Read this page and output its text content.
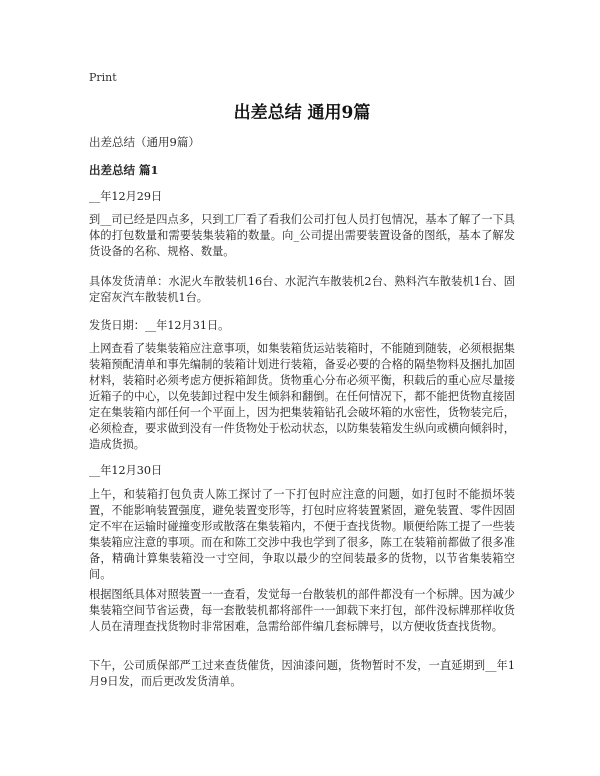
Print
出差总结 通用9篇

出差总结（通用9篇）

出差总结 篇1

__年12月29日

到__司已经是四点多，只到工厂看了看我们公司打包人员打包情况，基本了解了一下具体的打包数量和需要装集装箱的数量。向_公司提出需要装置设备的图纸，基本了解发货设备的名称、规格、数量。

具体发货清单：水泥火车散装机16台、水泥汽车散装机2台、熟料汽车散装机1台、固定窑灰汽车散装机1台。

发货日期：__年12月31日。

上网查看了装集装箱应注意事项，如集装箱货运站装箱时，不能随到随装，必须根据集装箱预配清单和事先编制的装箱计划进行装箱，备妥必要的合格的隔垫物料及捆扎加固材料，装箱时必须考虑方便拆箱卸货。货物重心分布必须平衡，积载后的重心应尽量接近箱子的中心，以免装卸过程中发生倾斜和翻倒。在任何情况下，都不能把货物直接固定在集装箱内部任何一个平面上，因为把集装箱钻孔会破坏箱的水密性，货物装完后，必须检查，要求做到没有一件货物处于松动状态，以防集装箱发生纵向或横向倾斜时，造成货损。

__年12月30日

上午，和装箱打包负责人陈工探讨了一下打包时应注意的问题，如打包时不能损坏装置，不能影响装置强度，避免装置变形等，打包时应将装置紧固，避免装置、零件因固定不牢在运输时碰撞变形或散落在集装箱内，不便于查找货物。顺便给陈工提了一些装集装箱应注意的事项。而在和陈工交涉中我也学到了很多，陈工在装箱前都做了很多准备，精确计算集装箱没一寸空间，争取以最少的空间装最多的货物，以节省集装箱空间。

根据图纸具体对照装置一一查看，发觉每一台散装机的部件都没有一个标牌。因为减少集装箱空间节省运费，每一套散装机都将部件一一卸载下来打包，部件没标牌那样收货人员在清理查找货物时非常困难，急需给部件编几套标牌号，以方便收货查找货物。

下午，公司质保部严工过来查货催货，因油漆问题，货物暂时不发，一直延期到__年1月9日发，而后更改发货清单。
